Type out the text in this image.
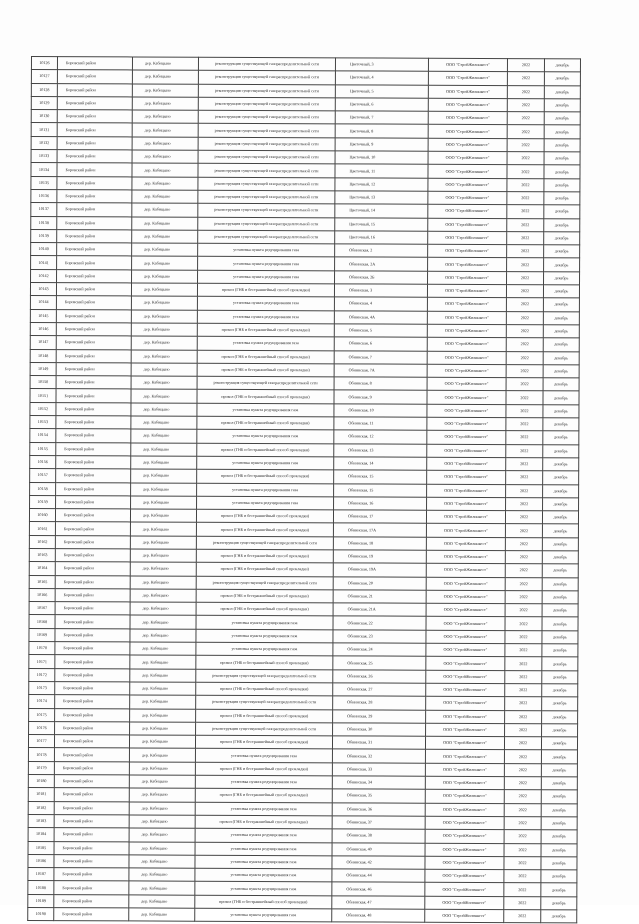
10126	Боровский район	дер. Кабицыно	реконструкция существующей газораспределительной сети	Цветочный, 3	ООО "СтройЖилинвест"	2022	декабрь
10127	Боровский район	дер. Кабицыно	реконструкция существующей газораспределительной сети	Цветочный, 4	ООО "СтройЖилинвест"	2022	декабрь
10128	Боровский район	дер. Кабицыно	реконструкция существующей газораспределительной сети	Цветочный, 5	ООО "СтройЖилинвест"	2022	декабрь
10129	Боровский район	дер. Кабицыно	реконструкция существующей газораспределительной сети	Цветочный, 6	ООО "СтройЖилинвест"	2022	декабрь
10130	Боровский район	дер. Кабицыно	реконструкция существующей газораспределительной сети	Цветочный, 7	ООО "СтройЖилинвест"	2022	декабрь
10131	Боровский район	дер. Кабицыно	реконструкция существующей газораспределительной сети	Цветочный, 8	ООО "СтройЖилинвест"	2022	декабрь
10132	Боровский район	дер. Кабицыно	реконструкция существующей газораспределительной сети	Цветочный, 9	ООО "СтройЖилинвест"	2022	декабрь
10133	Боровский район	дер. Кабицыно	реконструкция существующей газораспределительной сети	Цветочный, 10	ООО "СтройЖилинвест"	2022	декабрь
10134	Боровский район	дер. Кабицыно	реконструкция существующей газораспределительной сети	Цветочный, 11	ООО "СтройЖилинвест"	2022	декабрь
10135	Боровский район	дер. Кабицыно	реконструкция существующей газораспределительной сети	Цветочный, 12	ООО "СтройЖилинвест"	2022	декабрь
10136	Боровский район	дер. Кабицыно	реконструкция существующей газораспределительной сети	Цветочный, 13	ООО "СтройЖилинвест"	2022	декабрь
10137	Боровский район	дер. Кабицыно	реконструкция существующей газораспределительной сети	Цветочный, 14	ООО "СтройЖилинвест"	2022	декабрь
10138	Боровский район	дер. Кабицыно	реконструкция существующей газораспределительной сети	Цветочный, 15	ООО "СтройЖилинвест"	2022	декабрь
10139	Боровский район	дер. Кабицыно	реконструкция существующей газораспределительной сети	Цветочный, 16	ООО "СтройЖилинвест"	2022	декабрь
10140	Боровский район	дер. Кабицыно	установка пункта редуцирования газа	Обнинская, 2	ООО "СтройЖилинвест"	2022	декабрь
10141	Боровский район	дер. Кабицыно	установка пункта редуцирования газа	Обнинская, 2А	ООО "СтройЖилинвест"	2022	декабрь
10142	Боровский район	дер. Кабицыно	установка пункта редуцирования газа	Обнинская, 2Б	ООО "СтройЖилинвест"	2022	декабрь
10143	Боровский район	дер. Кабицыно	прокол (ГНБ и бестраншейный способ прокладки)	Обнинская, 3	ООО "СтройЖилинвест"	2022	декабрь
10144	Боровский район	дер. Кабицыно	установка пункта редуцирования газа	Обнинская, 4	ООО "СтройЖилинвест"	2022	декабрь
10145	Боровский район	дер. Кабицыно	установка пункта редуцирования газа	Обнинская, 4А	ООО "СтройЖилинвест"	2022	декабрь
10146	Боровский район	дер. Кабицыно	прокол (ГНБ и бестраншейный способ прокладки)	Обнинская, 5	ООО "СтройЖилинвест"	2022	декабрь
10147	Боровский район	дер. Кабицыно	установка пункта редуцирования газа	Обнинская, 6	ООО "СтройЖилинвест"	2022	декабрь
10148	Боровский район	дер. Кабицыно	прокол (ГНБ и бестраншейный способ прокладки)	Обнинская, 7	ООО "СтройЖилинвест"	2022	декабрь
10149	Боровский район	дер. Кабицыно	прокол (ГНБ и бестраншейный способ прокладки)	Обнинская, 7А	ООО "СтройЖилинвест"	2022	декабрь
10150	Боровский район	дер. Кабицыно	реконструкция существующей газораспределительной сети	Обнинская, 8	ООО "СтройЖилинвест"	2022	декабрь
10151	Боровский район	дер. Кабицыно	прокол (ГНБ и бестраншейный способ прокладки)	Обнинская, 9	ООО "СтройЖилинвест"	2022	декабрь
10152	Боровский район	дер. Кабицыно	установка пункта редуцирования газа	Обнинская, 10	ООО "СтройЖилинвест"	2022	декабрь
10153	Боровский район	дер. Кабицыно	прокол (ГНБ и бестраншейный способ прокладки)	Обнинская, 11	ООО "СтройЖилинвест"	2022	декабрь
10154	Боровский район	дер. Кабицыно	установка пункта редуцирования газа	Обнинская, 12	ООО "СтройЖилинвест"	2022	декабрь
10155	Боровский район	дер. Кабицыно	прокол (ГНБ и бестраншейный способ прокладки)	Обнинская, 13	ООО "СтройЖилинвест"	2022	декабрь
10156	Боровский район	дер. Кабицыно	установка пункта редуцирования газа	Обнинская, 14	ООО "СтройЖилинвест"	2022	декабрь
10157	Боровский район	дер. Кабицыно	прокол (ГНБ и бестраншейный способ прокладки)	Обнинская, 15	ООО "СтройЖилинвест"	2022	декабрь
10158	Боровский район	дер. Кабицыно	установка пункта редуцирования газа	Обнинская, 15	ООО "СтройЖилинвест"	2022	декабрь
10159	Боровский район	дер. Кабицыно	установка пункта редуцирования газа	Обнинская, 16	ООО "СтройЖилинвест"	2022	декабрь
10160	Боровский район	дер. Кабицыно	прокол (ГНБ и бестраншейный способ прокладки)	Обнинская, 17	ООО "СтройЖилинвест"	2022	декабрь
10161	Боровский район	дер. Кабицыно	прокол (ГНБ и бестраншейный способ прокладки)	Обнинская, 17А	ООО "СтройЖилинвест"	2022	декабрь
10162	Боровский район	дер. Кабицыно	реконструкция существующей газораспределительной сети	Обнинская, 18	ООО "СтройЖилинвест"	2022	декабрь
10163	Боровский район	дер. Кабицыно	прокол (ГНБ и бестраншейный способ прокладки)	Обнинская, 19	ООО "СтройЖилинвест"	2022	декабрь
10164	Боровский район	дер. Кабицыно	прокол (ГНБ и бестраншейный способ прокладки)	Обнинская, 19А	ООО "СтройЖилинвест"	2022	декабрь
10165	Боровский район	дер. Кабицыно	реконструкция существующей газораспределительной сети	Обнинская, 20	ООО "СтройЖилинвест"	2022	декабрь
10166	Боровский район	дер. Кабицыно	прокол (ГНБ и бестраншейный способ прокладки)	Обнинская, 21	ООО "СтройЖилинвест"	2022	декабрь
10167	Боровский район	дер. Кабицыно	прокол (ГНБ и бестраншейный способ прокладки)	Обнинская, 21А	ООО "СтройЖилинвест"	2022	декабрь
10168	Боровский район	дер. Кабицыно	установка пункта редуцирования газа	Обнинская, 22	ООО "СтройЖилинвест"	2022	декабрь
10169	Боровский район	дер. Кабицыно	установка пункта редуцирования газа	Обнинская, 23	ООО "СтройЖилинвест"	2022	декабрь
10170	Боровский район	дер. Кабицыно	установка пункта редуцирования газа	Обнинская, 24	ООО "СтройЖилинвест"	2022	декабрь
10171	Боровский район	дер. Кабицыно	прокол (ГНБ и бестраншейный способ прокладки)	Обнинская, 25	ООО "СтройЖилинвест"	2022	декабрь
10172	Боровский район	дер. Кабицыно	реконструкция существующей газораспределительной сети	Обнинская, 26	ООО "СтройЖилинвест"	2022	декабрь
10173	Боровский район	дер. Кабицыно	прокол (ГНБ и бестраншейный способ прокладки)	Обнинская, 27	ООО "СтройЖилинвест"	2022	декабрь
10174	Боровский район	дер. Кабицыно	реконструкция существующей газораспределительной сети	Обнинская, 28	ООО "СтройЖилинвест"	2022	декабрь
10175	Боровский район	дер. Кабицыно	прокол (ГНБ и бестраншейный способ прокладки)	Обнинская, 29	ООО "СтройЖилинвест"	2022	декабрь
10176	Боровский район	дер. Кабицыно	реконструкция существующей газораспределительной сети	Обнинская, 30	ООО "СтройЖилинвест"	2022	декабрь
10177	Боровский район	дер. Кабицыно	прокол (ГНБ и бестраншейный способ прокладки)	Обнинская, 31	ООО "СтройЖилинвест"	2022	декабрь
10178	Боровский район	дер. Кабицыно	установка пункта редуцирования газа	Обнинская, 32	ООО "СтройЖилинвест"	2022	декабрь
10179	Боровский район	дер. Кабицыно	прокол (ГНБ и бестраншейный способ прокладки)	Обнинская, 33	ООО "СтройЖилинвест"	2022	декабрь
10180	Боровский район	дер. Кабицыно	установка пункта редуцирования газа	Обнинская, 34	ООО "СтройЖилинвест"	2022	декабрь
10181	Боровский район	дер. Кабицыно	прокол (ГНБ и бестраншейный способ прокладки)	Обнинская, 35	ООО "СтройЖилинвест"	2022	декабрь
10182	Боровский район	дер. Кабицыно	установка пункта редуцирования газа	Обнинская, 36	ООО "СтройЖилинвест"	2022	декабрь
10183	Боровский район	дер. Кабицыно	прокол (ГНБ и бестраншейный способ прокладки)	Обнинская, 37	ООО "СтройЖилинвест"	2022	декабрь
10184	Боровский район	дер. Кабицыно	установка пункта редуцирования газа	Обнинская, 38	ООО "СтройЖилинвест"	2022	декабрь
10185	Боровский район	дер. Кабицыно	установка пункта редуцирования газа	Обнинская, 40	ООО "СтройЖилинвест"	2022	декабрь
10186	Боровский район	дер. Кабицыно	установка пункта редуцирования газа	Обнинская, 42	ООО "СтройЖилинвест"	2022	декабрь
10187	Боровский район	дер. Кабицыно	установка пункта редуцирования газа	Обнинская, 44	ООО "СтройЖилинвест"	2022	декабрь
10188	Боровский район	дер. Кабицыно	установка пункта редуцирования газа	Обнинская, 46	ООО "СтройЖилинвест"	2022	декабрь
10189	Боровский район	дер. Кабицыно	прокол (ГНБ и бестраншейный способ прокладки)	Обнинская, 47	ООО "СтройЖилинвест"	2022	декабрь
10190	Боровский район	дер. Кабицыно	установка пункта редуцирования газа	Обнинская, 48	ООО "СтройЖилинвест"	2022	декабрь
